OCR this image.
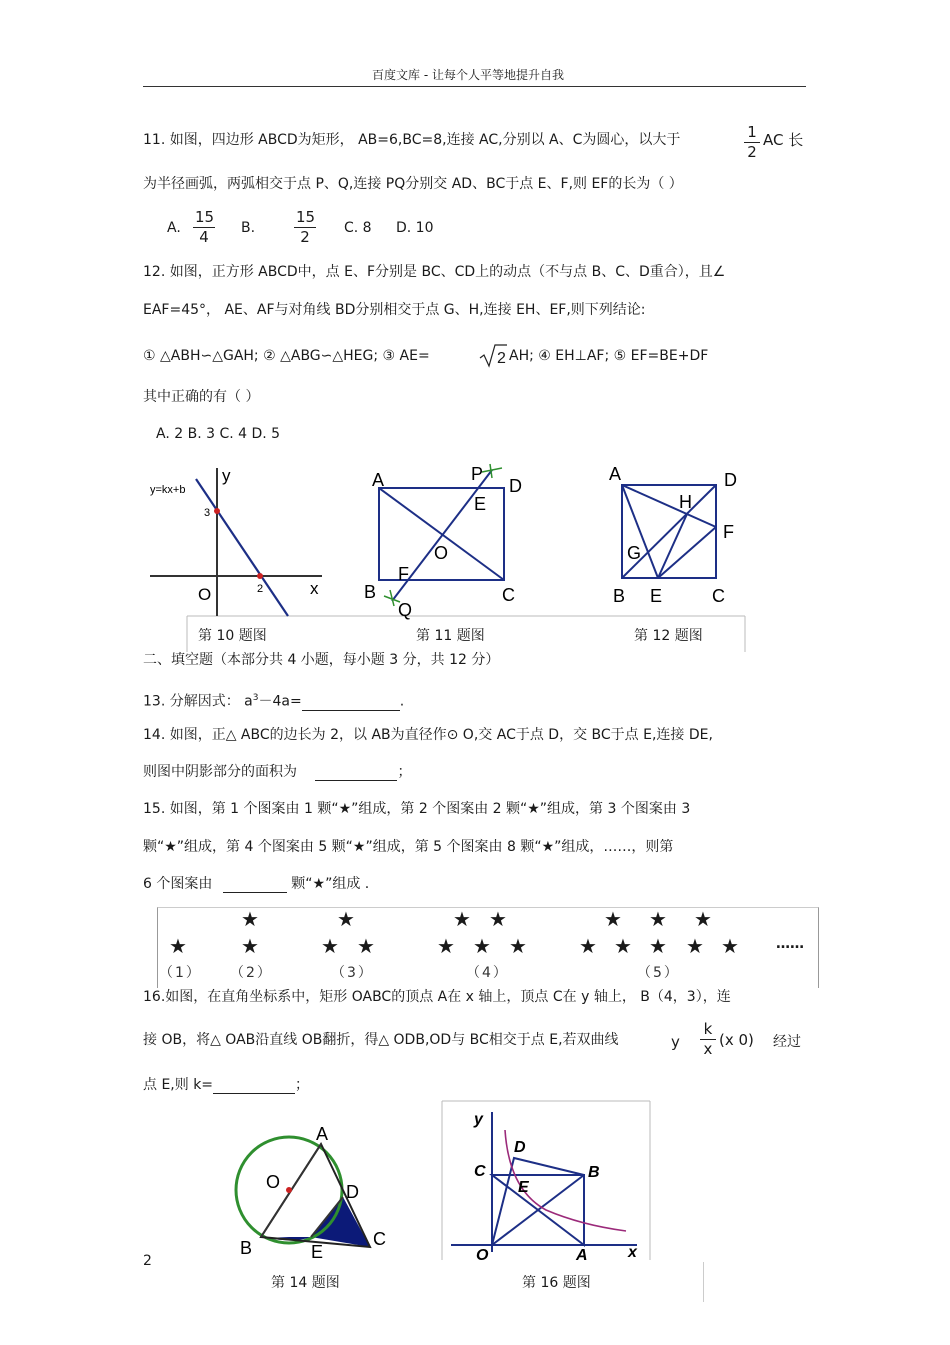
百度文库 - 让每个人平等地提升自我
11. 如图，四边形 ABCD为矩形， AB=6,BC=8,连接 AC,分别以 A、C为圆心，以大于	$\frac{1}{2}$ AC 长
为半径画弧，两弧相交于点 P、Q,连接 PQ分别交 AD、BC于点 E、F,则 EF的长为（ ）
A. $\frac{15}{4} B$.	$\frac{15}{2} C$. 8 D. 10
12. 如图，正方形 ABCD中，点 E、F分别是 BC、CD上的动点（不与点 B、C、D重合），且∠
EAF=45°， AE、AF与对角线 BD分别相交于点 G、H,连接 EH、EF,则下列结论:
① △ABH∽△GAH; ② △ABG∽△HEG; ③ AE=	2 AH; ④ EH⊥AF; ⑤ EF=BE+DF
其中正确的有（ ）
A. 2 B. 3 C. 4 D. 5
y=kx+b
y
x
O
3
2
A	P
D
E
O
F
B	C
Q
A	D
H
F
G
B E	C
第 10 题图	第 11 题图	第 12 题图
二、填空题（本部分共 4 小题，每小题 3 分，共 12 分）
13. 分解因式： $a^3-4a=$	.
14. 如图，正△ ABC的边长为 2，以 AB为直径作⊙ O,交 AC于点 D，交 BC于点 E,连接 DE,
则图中阴影部分的面积为	；
15. 如图，第 1 个图案由 1 颗“★”组成，第 2 个图案由 2 颗“★”组成，第 3 个图案由 3
颗“★”组成，第 4 个图案由 5 颗“★”组成，第 5 个图案由 8 颗“★”组成，……，则第
6 个图案由	颗“★”组成 .
★
★
★
★
★ ★
★ ★
★ ★ ★
★ ★ ★
★ ★ ★ ★ ★	……
（1） （2）	（3）	（4）	（5）
16.如图，在直角坐标系中，矩形 OABC的顶点 A在 x 轴上，顶点 C在 y 轴上， B（4，3），连
接 OB，将△ OAB沿直线 OB翻折，得△ ODB,OD与 BC相交于点 E,若双曲线	y $\frac{k}{x} (x$ 0) 经过
点 E,则 k=	；
A
O	D
C
B	E
y
C
D
B
E
O	A	x
2
第 14 题图	第 16 题图
